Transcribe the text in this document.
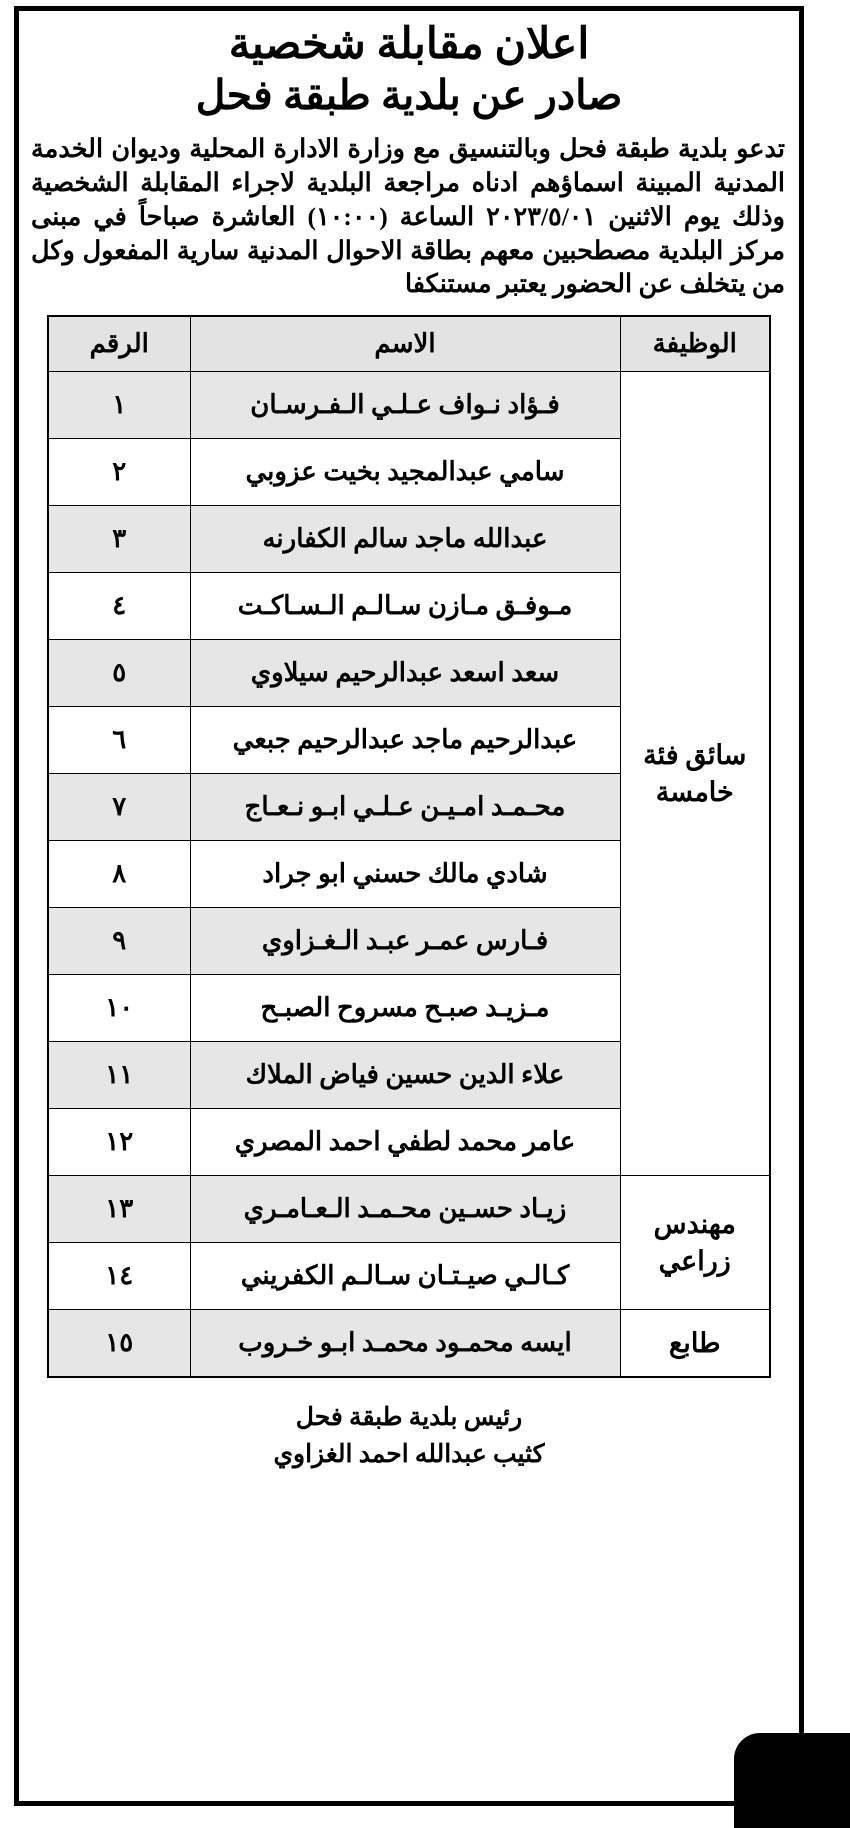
اعلان مقابلة شخصية
صادر عن بلدية طبقة فحل

تدعو بلدية طبقة فحل وبالتنسيق مع وزارة الادارة المحلية وديوان الخدمة المدنية المبينة اسماؤهم ادناه مراجعة البلدية لاجراء المقابلة الشخصية وذلك يوم الاثنين ٢٠٢٣/٥/٠١ الساعة (١٠:٠٠) العاشرة صباحاً في مبنى مركز البلدية مصطحبين معهم بطاقة الاحوال المدنية سارية المفعول وكل من يتخلف عن الحضور يعتبر مستنكفا

الوظيفة	الاسم	الرقم
سائق فئة خامسة	فـؤاد نـواف عـلـي الـفـرسـان	١
	سامي عبدالمجيد بخيت عزوبي	٢
	عبدالله ماجد سالم الكفارنه	٣
	مـوفـق مـازن سـالـم الـسـاكـت	٤
	سعد اسعد عبدالرحيم سيلاوي	٥
	عبدالرحيم ماجد عبدالرحيم جبعي	٦
	محـمـد امـيـن عـلـي ابـو نـعـاج	٧
	شادي مالك حسني ابو جراد	٨
	فـارس عمـر عبـد الـغـزاوي	٩
	مـزيـد صبـح مسروح الصبـح	١٠
	علاء الدين حسين فياض الملاك	١١
	عامر محمد لطفي احمد المصري	١٢
مهندس زراعي	زيـاد حسـين محـمـد الـعـامـري	١٣
	كـالـي صيـتـان سـالـم الكفريني	١٤
طابع	ايسه محمـود محمـد ابـو خـروب	١٥
رئيس بلدية طبقة فحل
كثيب عبدالله احمد الغزاوي
